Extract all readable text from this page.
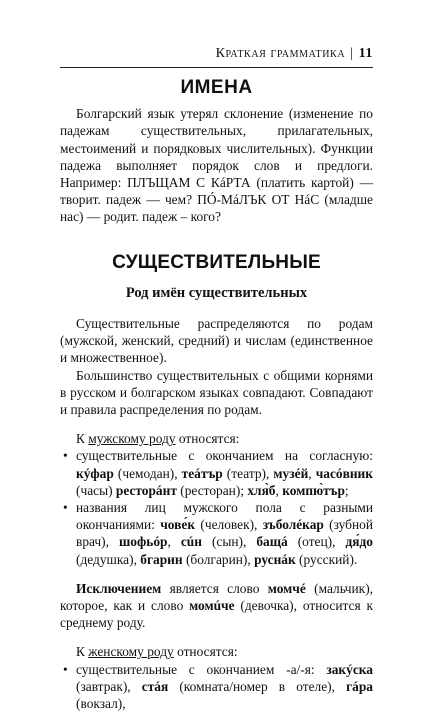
Краткая грамматика | 11
ИМЕНА

Болгарский язык утерял склонение (изменение по падежам существительных, прилагательных, местоимений и порядковых числительных). Функции падежа выполняет порядок слов и предлоги. Например: ПЛЪЩАМ С КáРТА (платить картой) — творит. падеж — чем? ПÓ-МáЛЪК ОТ НáС (младше нас) — родит. падеж – кого?

СУЩЕСТВИТЕЛЬНЫЕ
Род имён существительных

Существительные распределяются по родам (мужской, женский, средний) и числам (единственное и множественное).

Большинство существительных с общими корнями в русском и болгарском языках совпадают. Совпадают и правила распределения по родам.

К мужскому роду относятся:

• существительные с окончанием на согласную: кýфар (чемодан), теáтър (театр), музéй, часóвник (часы) ресторáнт (ресторан); хля̀б, компю̀тър;
• названия лиц мужского пола с разными окончаниями: чове́к (человек), зъболéкар (зубной врач), шофьóр, сúн (сын), бащá (отец), дя́до (дедушка), бгарин (болгарин), руснáк (русский).

Исключением является слово момчé (мальчик), которое, как и слово момúче (девочка), относится к среднему роду.

К женскому роду относятся:

• существительные с окончанием -а/-я: закýска (завтрак), стáя (комната/номер в отеле), гáра (вокзал),
